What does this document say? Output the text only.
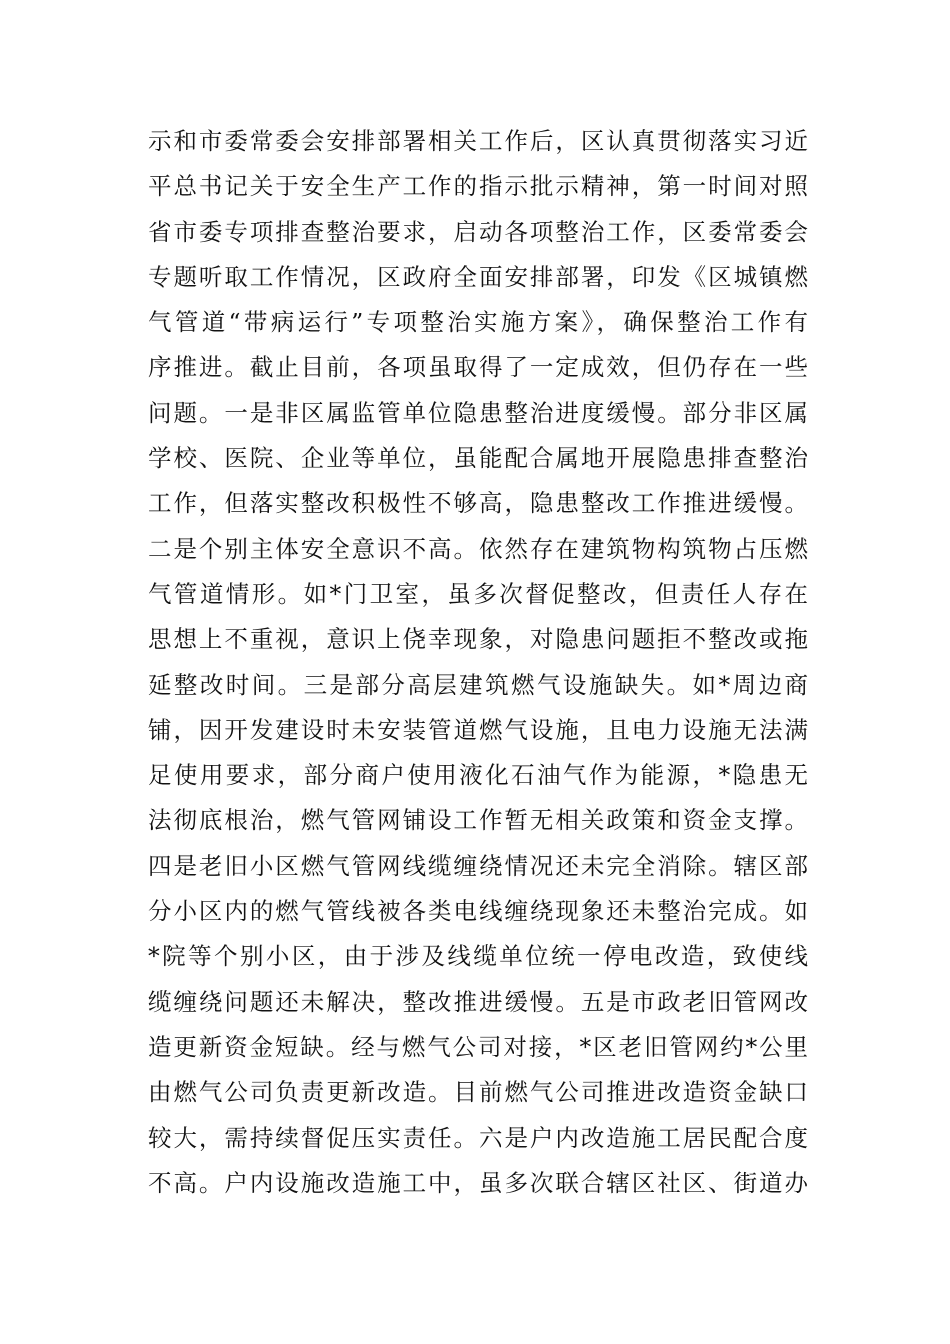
示和市委常委会安排部署相关工作后，区认真贯彻落实习近
平总书记关于安全生产工作的指示批示精神，第一时间对照
省市委专项排查整治要求，启动各项整治工作，区委常委会
专题听取工作情况，区政府全面安排部署，印发《区城镇燃
气管道“带病运行”专项整治实施方案》，确保整治工作有
序推进。截止目前，各项虽取得了一定成效，但仍存在一些
问题。一是非区属监管单位隐患整治进度缓慢。部分非区属
学校、医院、企业等单位，虽能配合属地开展隐患排查整治
工作，但落实整改积极性不够高，隐患整改工作推进缓慢。
二是个别主体安全意识不高。依然存在建筑物构筑物占压燃
气管道情形。如*门卫室，虽多次督促整改，但责任人存在
思想上不重视，意识上侥幸现象，对隐患问题拒不整改或拖
延整改时间。三是部分高层建筑燃气设施缺失。如*周边商
铺，因开发建设时未安装管道燃气设施，且电力设施无法满
足使用要求，部分商户使用液化石油气作为能源，*隐患无
法彻底根治，燃气管网铺设工作暂无相关政策和资金支撑。
四是老旧小区燃气管网线缆缠绕情况还未完全消除。辖区部
分小区内的燃气管线被各类电线缠绕现象还未整治完成。如
*院等个别小区，由于涉及线缆单位统一停电改造，致使线
缆缠绕问题还未解决，整改推进缓慢。五是市政老旧管网改
造更新资金短缺。经与燃气公司对接，*区老旧管网约*公里
由燃气公司负责更新改造。目前燃气公司推进改造资金缺口
较大，需持续督促压实责任。六是户内改造施工居民配合度
不高。户内设施改造施工中，虽多次联合辖区社区、街道办
